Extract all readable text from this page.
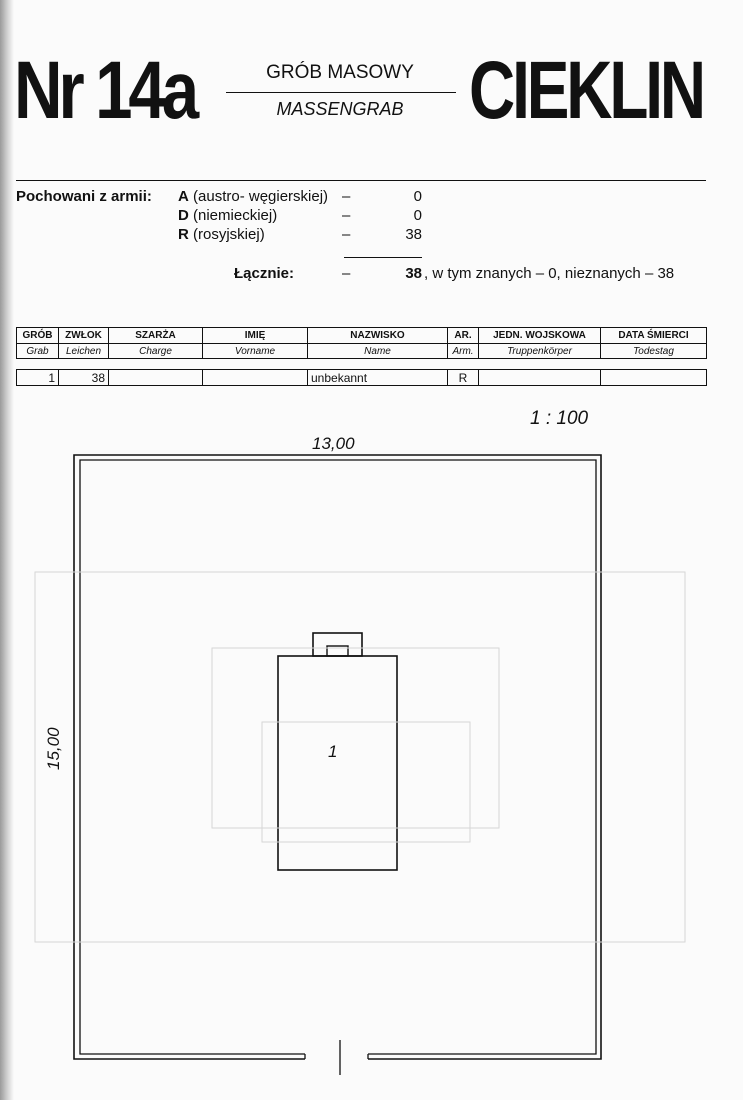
Nr 14a	GRÓB MASOWY
MASSENGRAB CIEKLIN
Pochowani z armii: A (austro- węgierskiej) –	0
D (niemieckiej)	–	0
R (rosyjskiej)	–	38
Łącznie:	–	38 , w tym znanych – 0, nieznanych – 38
GRÓB	ZWŁOK	SZARŻA	IMIĘ	NAZWISKO	AR.	JEDN. WOJSKOWA	DATA ŚMIERCI
Grab	Leichen	Charge	Vorname	Name	Arm.	Truppenkörper	Todestag
1	38			unbekannt	R		
1 : 100
13,00
15,00	1
